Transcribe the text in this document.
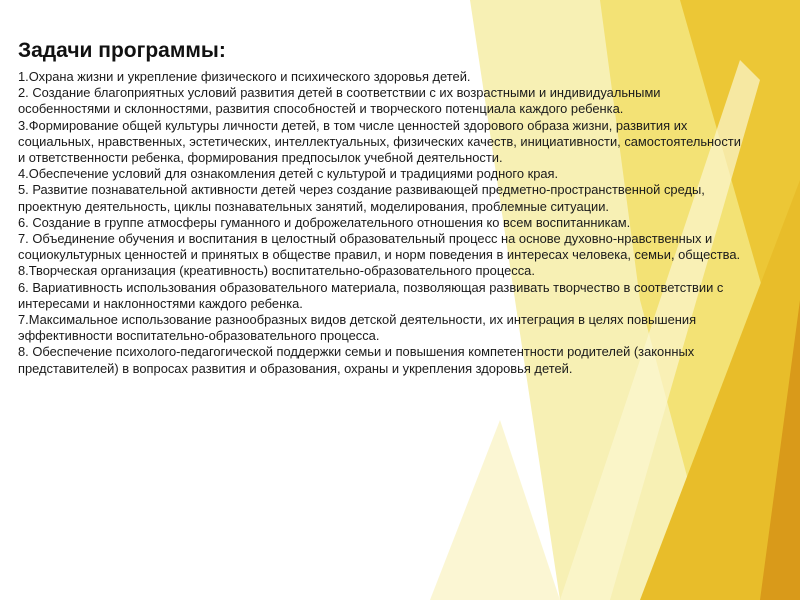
Задачи программы:
1.Охрана жизни и укрепление физического и психического здоровья детей.
2. Создание благоприятных условий развития детей в соответствии с их возрастными и индивидуальными особенностями и склонностями, развития способностей и творческого потенциала каждого ребенка.
3.Формирование общей культуры личности детей, в том числе ценностей здорового образа жизни, развития их социальных, нравственных, эстетических, интеллектуальных, физических качеств, инициативности, самостоятельности и ответственности ребенка, формирования предпосылок учебной деятельности.
4.Обеспечение условий для ознакомления детей с культурой и традициями родного края.
5. Развитие познавательной активности детей через создание развивающей предметно-пространственной среды, проектную деятельность, циклы познавательных занятий, моделирования, проблемные ситуации.
6. Создание в группе атмосферы гуманного и доброжелательного отношения ко всем воспитанникам.
7. Объединение обучения и воспитания в целостный образовательный процесс на основе духовно-нравственных и социокультурных ценностей и принятых в обществе правил, и норм поведения в интересах человека, семьи, общества.
8.Творческая организация (креативность) воспитательно-образовательного процесса.
6. Вариативность использования образовательного материала, позволяющая развивать творчество в соответствии с интересами и наклонностями каждого ребенка.
7.Максимальное использование разнообразных видов детской деятельности, их интеграция в целях повышения эффективности воспитательно-образовательного процесса.
8. Обеспечение психолого-педагогической поддержки семьи и повышения компетентности родителей (законных представителей) в вопросах развития и образования, охраны и укрепления здоровья детей.
